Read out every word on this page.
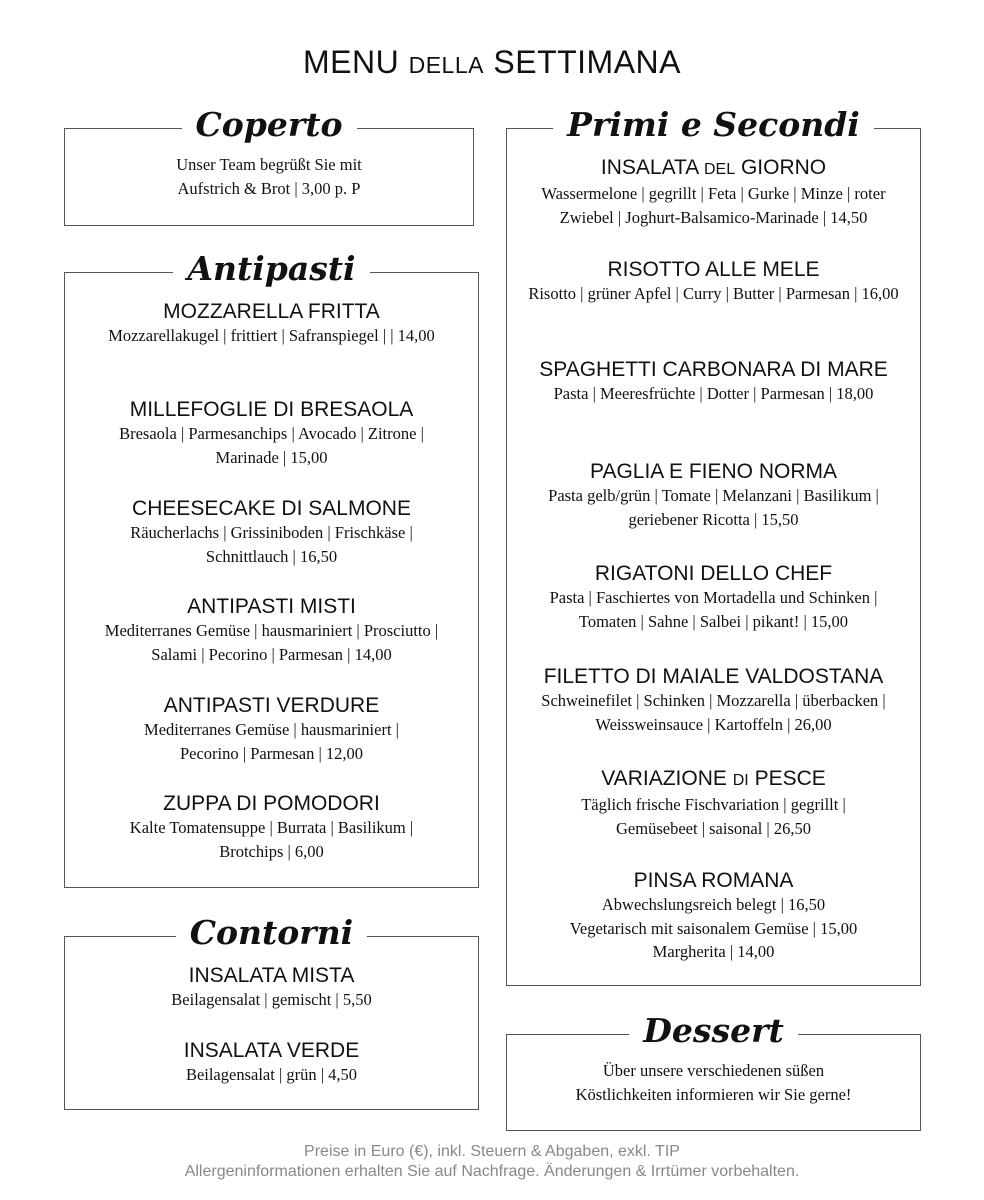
MENU DELLA SETTIMANA
Coperto
Unser Team begrüßt Sie mit
Aufstrich & Brot | 3,00 p. P
Antipasti
MOZZARELLA FRITTA
Mozzarellakugel | frittiert | Safranspiegel | | 14,00
MILLEFOGLIE DI BRESAOLA
Bresaola | Parmesanchips | Avocado | Zitrone | Marinade | 15,00
CHEESECAKE DI SALMONE
Räucherlachs | Grissiniboden | Frischkäse | Schnittlauch | 16,50
ANTIPASTI MISTI
Mediterranes Gemüse | hausmariniert | Prosciutto | Salami | Pecorino | Parmesan | 14,00
ANTIPASTI VERDURE
Mediterranes Gemüse | hausmariniert | Pecorino | Parmesan | 12,00
ZUPPA DI POMODORI
Kalte Tomatensuppe | Burrata | Basilikum | Brotchips | 6,00
Contorni
INSALATA MISTA
Beilagensalat | gemischt | 5,50
INSALATA VERDE
Beilagensalat | grün | 4,50
Primi e Secondi
INSALATA DEL GIORNO
Wassermelone | gegrillt | Feta | Gurke | Minze | roter Zwiebel | Joghurt-Balsamico-Marinade | 14,50
RISOTTO ALLE MELE
Risotto | grüner Apfel | Curry | Butter | Parmesan | 16,00
SPAGHETTI CARBONARA DI MARE
Pasta | Meeresfrüchte | Dotter | Parmesan | 18,00
PAGLIA E FIENO NORMA
Pasta gelb/grün | Tomate | Melanzani | Basilikum | geriebener Ricotta | 15,50
RIGATONI DELLO CHEF
Pasta | Faschiertes von Mortadella und Schinken | Tomaten | Sahne | Salbei | pikant! | 15,00
FILETTO DI MAIALE VALDOSTANA
Schweinefilet | Schinken | Mozzarella | überbacken | Weissweinsauce | Kartoffeln | 26,00
VARIAZIONE DI PESCE
Täglich frische Fischvariation | gegrillt | Gemüsebeet | saisonal | 26,50
PINSA ROMANA
Abwechslungsreich belegt | 16,50
Vegetarisch mit saisonalem Gemüse | 15,00
Margherita | 14,00
Dessert
Über unsere verschiedenen süßen
Köstlichkeiten informieren wir Sie gerne!
Preise in Euro (€), inkl. Steuern & Abgaben, exkl. TIP
Allergeninformationen erhalten Sie auf Nachfrage. Änderungen & Irrtümer vorbehalten.
